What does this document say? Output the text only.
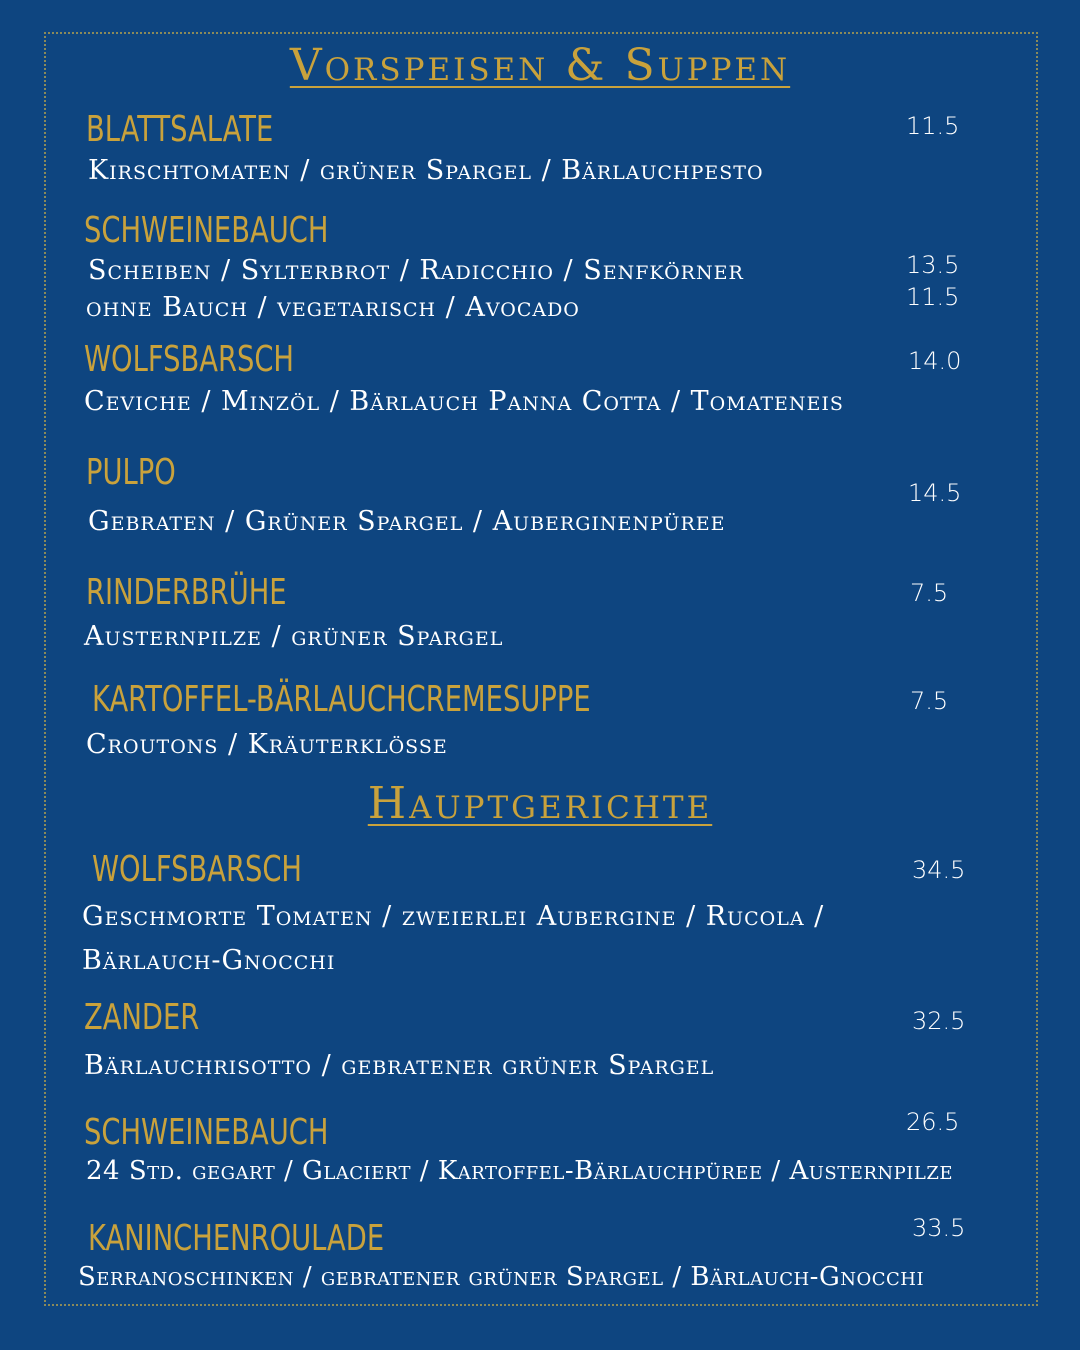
Vorspeisen & Suppen
BLATTSALATE
Kirschtomaten / grüner Spargel / Bärlauchpesto
11.5
SCHWEINEBAUCH
Scheiben / Sylterbrot / Radicchio / Senfkörner
ohne Bauch / vegetarisch / Avocado
13.5
11.5
WOLFSBARSCH
Ceviche / Minzöl / Bärlauch Panna Cotta / Tomateneis
14.0
PULPO
Gebraten / Grüner Spargel / Auberginenpüree
14.5
RINDERBRÜHE
Austernpilze / grüner Spargel
7.5
KARTOFFEL-BÄRLAUCHCREMESUPPE
Croutons / Kräuterklösse
7.5
Hauptgerichte
WOLFSBARSCH
Geschmorte Tomaten / zweierlei Aubergine / Rucola /
Bärlauch-Gnocchi
34.5
ZANDER
Bärlauchrisotto / gebratener grüner Spargel
32.5
SCHWEINEBAUCH
24 Std. gegart / Glaciert / Kartoffel-Bärlauchpüree / Austernpilze
26.5
KANINCHENROULADE
Serranoschinken / gebratener grüner Spargel / Bärlauch-Gnocchi
33.5
